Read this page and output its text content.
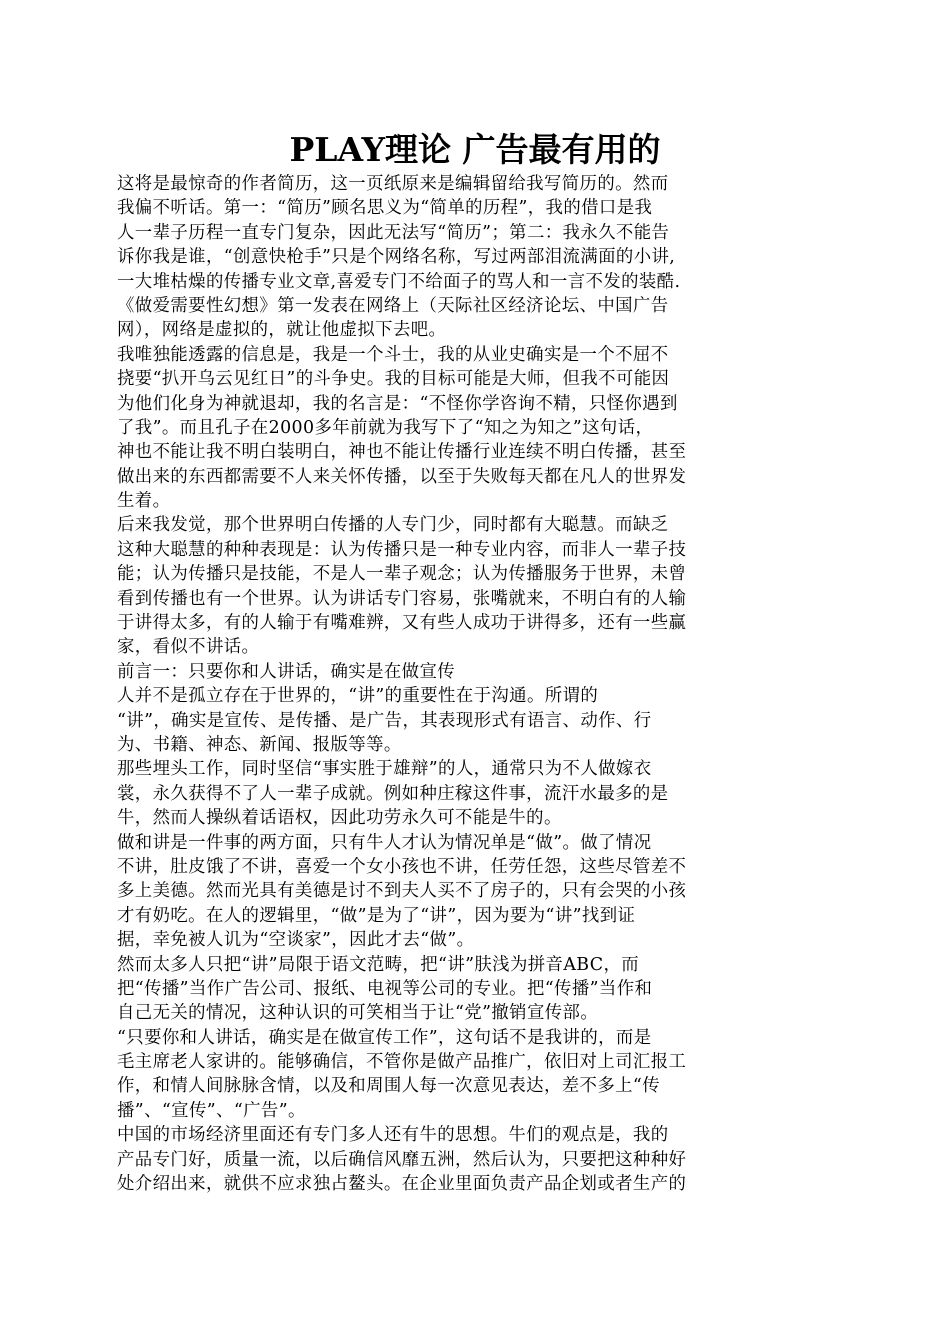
PLAY理论 广告最有用的
这将是最惊奇的作者简历，这一页纸原来是编辑留给我写简历的。然而
我偏不听话。第一：“简历”顾名思义为“简单的历程”，我的借口是我
人一辈子历程一直专门复杂，因此无法写“简历”；第二：我永久不能告
诉你我是谁，“创意快枪手”只是个网络名称，写过两部泪流满面的小讲,
一大堆枯燥的传播专业文章,喜爱专门不给面子的骂人和一言不发的装酷.
《做爱需要性幻想》第一发表在网络上（天际社区经济论坛、中国广告
网），网络是虚拟的，就让他虚拟下去吧。
我唯独能透露的信息是，我是一个斗士，我的从业史确实是一个不屈不
挠要“扒开乌云见红日”的斗争史。我的目标可能是大师，但我不可能因
为他们化身为神就退却，我的名言是：“不怪你学咨询不精，只怪你遇到
了我”。而且孔子在2000多年前就为我写下了“知之为知之”这句话，
神也不能让我不明白装明白，神也不能让传播行业连续不明白传播，甚至
做出来的东西都需要不人来关怀传播，以至于失败每天都在凡人的世界发
生着。
后来我发觉，那个世界明白传播的人专门少，同时都有大聪慧。而缺乏
这种大聪慧的种种表现是：认为传播只是一种专业内容，而非人一辈子技
能；认为传播只是技能，不是人一辈子观念；认为传播服务于世界，未曾
看到传播也有一个世界。认为讲话专门容易，张嘴就来，不明白有的人输
于讲得太多，有的人输于有嘴难辨，又有些人成功于讲得多，还有一些赢
家，看似不讲话。
前言一：只要你和人讲话，确实是在做宣传
人并不是孤立存在于世界的，“讲”的重要性在于沟通。所谓的
“讲”，确实是宣传、是传播、是广告，其表现形式有语言、动作、行
为、书籍、神态、新闻、报版等等。
那些埋头工作，同时坚信“事实胜于雄辩”的人，通常只为不人做嫁衣
裳，永久获得不了人一辈子成就。例如种庄稼这件事，流汗水最多的是
牛，然而人操纵着话语权，因此功劳永久可不能是牛的。
做和讲是一件事的两方面，只有牛人才认为情况单是“做”。做了情况
不讲，肚皮饿了不讲，喜爱一个女小孩也不讲，任劳任怨，这些尽管差不
多上美德。然而光具有美德是讨不到夫人买不了房子的，只有会哭的小孩
才有奶吃。在人的逻辑里，“做”是为了“讲”，因为要为“讲”找到证
据，幸免被人讥为“空谈家”，因此才去“做”。
然而太多人只把“讲”局限于语文范畴，把“讲”肤浅为拼音ABC，而
把“传播”当作广告公司、报纸、电视等公司的专业。把“传播”当作和
自己无关的情况，这种认识的可笑相当于让“党”撤销宣传部。
“只要你和人讲话，确实是在做宣传工作”，这句话不是我讲的，而是
毛主席老人家讲的。能够确信，不管你是做产品推广，依旧对上司汇报工
作，和情人间脉脉含情，以及和周围人每一次意见表达，差不多上“传
播”、“宣传”、“广告”。
中国的市场经济里面还有专门多人还有牛的思想。牛们的观点是，我的
产品专门好，质量一流，以后确信风靡五洲，然后认为，只要把这种种好
处介绍出来，就供不应求独占鳌头。在企业里面负责产品企划或者生产的
